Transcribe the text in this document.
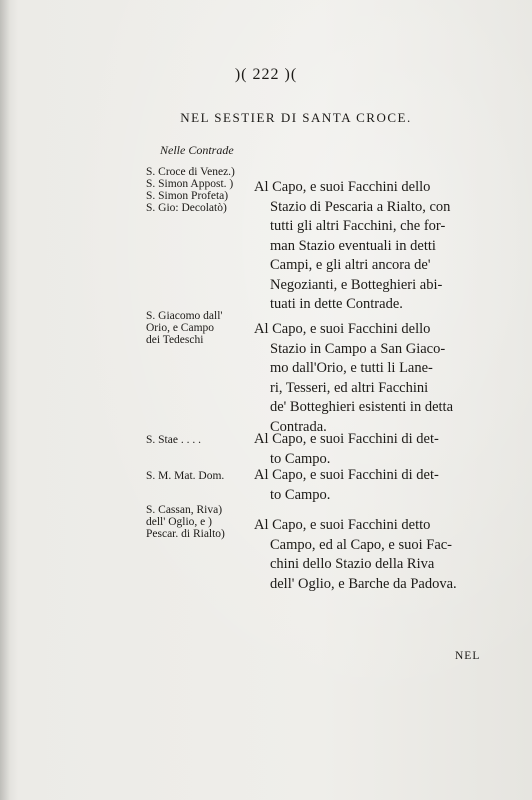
)( 222 )(
NEL SESTIER DI SANTA CROCE.
Nelle Contrade
S. Croce di Venez.)
S. Simon Appost. )
S. Simon Profeta)
S. Gio: Decolatò)
Al Capo, e suoi Facchini dello
Stazio di Pescaria a Rialto, con
tutti gli altri Facchini, che for-
man Stazio eventuali in detti
Campi, e gli altri ancora de'
Negozianti, e Botteghieri abi-
tuati in dette Contrade.
S. Giacomo dall'
Orio, e Campo
dei Tedeschi
Al Capo, e suoi Facchini dello
Stazio in Campo a San Giaco-
mo dall'Orio, e tutti li Lane-
ri, Tesseri, ed altri Facchini
de' Botteghieri esistenti in detta
Contrada.
S. Stae . . . .	Al Capo, e suoi Facchini di det-
to Campo.
S. M. Mat. Dom.	Al Capo, e suoi Facchini di det-
to Campo.
S. Cassan, Riva)
dell' Oglio, e )
Pescar. di Rialto)
Al Capo, e suoi Facchini detto
Campo, ed al Capo, e suoi Fac-
chini dello Stazio della Riva
dell' Oglio, e Barche da Padova.
NEL
